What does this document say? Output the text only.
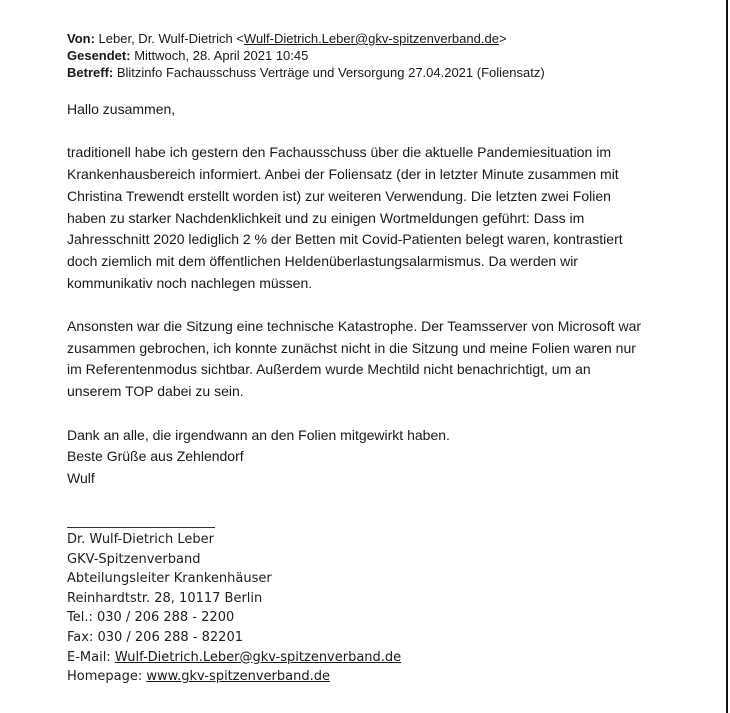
Von: Leber, Dr. Wulf-Dietrich <Wulf-Dietrich.Leber@gkv-spitzenverband.de>
Gesendet: Mittwoch, 28. April 2021 10:45
Betreff: Blitzinfo Fachausschuss Verträge und Versorgung 27.04.2021 (Foliensatz)

Hallo zusammen,

traditionell habe ich gestern den Fachausschuss über die aktuelle Pandemiesituation im
Krankenhausbereich informiert. Anbei der Foliensatz (der in letzter Minute zusammen mit
Christina Trewendt erstellt worden ist) zur weiteren Verwendung. Die letzten zwei Folien
haben zu starker Nachdenklichkeit und zu einigen Wortmeldungen geführt: Dass im
Jahresschnitt 2020 lediglich 2 % der Betten mit Covid-Patienten belegt waren, kontrastiert
doch ziemlich mit dem öffentlichen Heldenüberlastungsalarmismus. Da werden wir
kommunikativ noch nachlegen müssen.
Ansonsten war die Sitzung eine technische Katastrophe. Der Teamsserver von Microsoft war
zusammen gebrochen, ich konnte zunächst nicht in die Sitzung und meine Folien waren nur
im Referentenmodus sichtbar. Außerdem wurde Mechtild nicht benachrichtigt, um an
unserem TOP dabei zu sein.
Dank an alle, die irgendwann an den Folien mitgewirkt haben.
Beste Grüße aus Zehlendorf
Wulf
Dr. Wulf-Dietrich Leber
GKV-Spitzenverband
Abteilungsleiter Krankenhäuser
Reinhardtstr. 28, 10117 Berlin
Tel.: 030 / 206 288 - 2200
Fax: 030 / 206 288 - 82201
E-Mail: Wulf-Dietrich.Leber@gkv-spitzenverband.de
Homepage: www.gkv-spitzenverband.de
